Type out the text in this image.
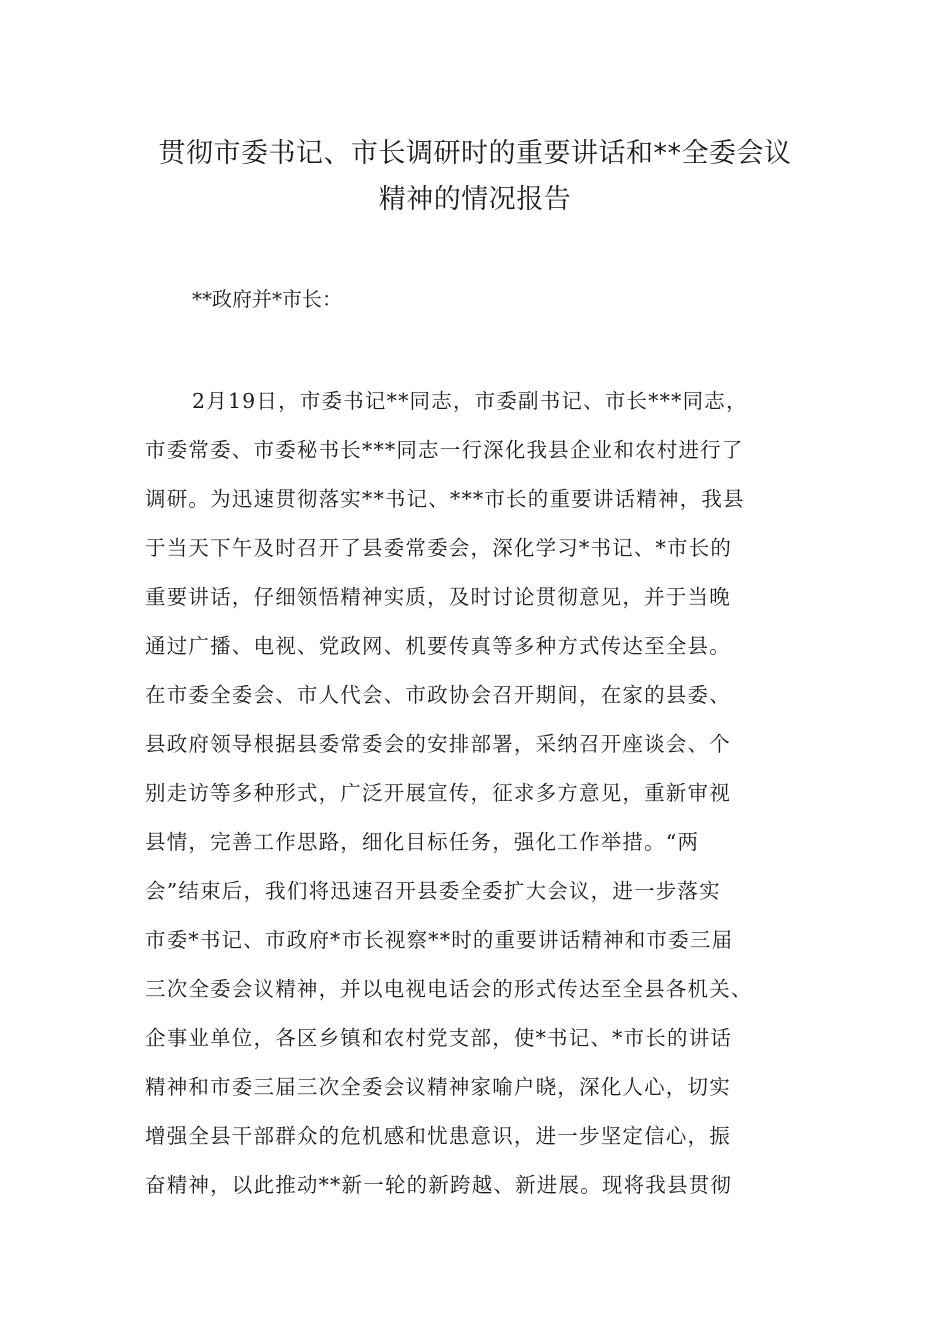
贯彻市委书记、市长调研时的重要讲话和**全委会议
精神的情况报告
**政府并*市长：
2月19日，市委书记**同志，市委副书记、市长***同志，
市委常委、市委秘书长***同志一行深化我县企业和农村进行了
调研。为迅速贯彻落实**书记、***市长的重要讲话精神，我县
于当天下午及时召开了县委常委会，深化学习*书记、*市长的
重要讲话，仔细领悟精神实质，及时讨论贯彻意见，并于当晚
通过广播、电视、党政网、机要传真等多种方式传达至全县。
在市委全委会、市人代会、市政协会召开期间，在家的县委、
县政府领导根据县委常委会的安排部署，采纳召开座谈会、个
别走访等多种形式，广泛开展宣传，征求多方意见，重新审视
县情，完善工作思路，细化目标任务，强化工作举措。“两
会”结束后，我们将迅速召开县委全委扩大会议，进一步落实
市委*书记、市政府*市长视察**时的重要讲话精神和市委三届
三次全委会议精神，并以电视电话会的形式传达至全县各机关、
企事业单位，各区乡镇和农村党支部，使*书记、*市长的讲话
精神和市委三届三次全委会议精神家喻户晓，深化人心，切实
增强全县干部群众的危机感和忧患意识，进一步坚定信心，振
奋精神，以此推动**新一轮的新跨越、新进展。现将我县贯彻
